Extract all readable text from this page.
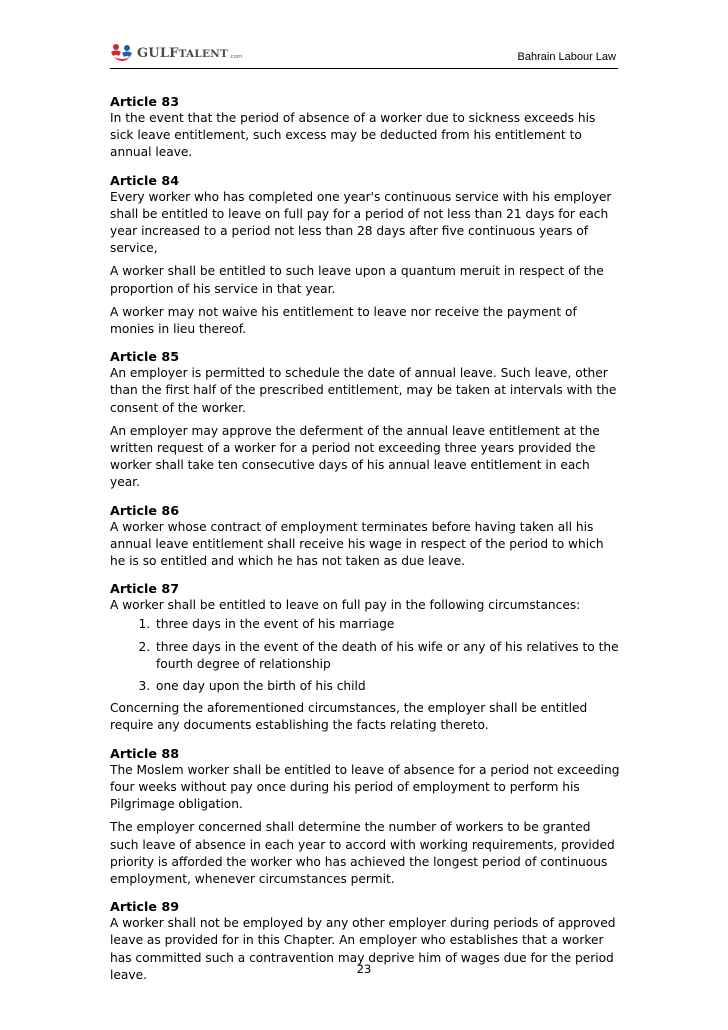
GULFTALENT .com	Bahrain Labour Law
Article 83

In the event that the period of absence of a worker due to sickness exceeds his sick leave entitlement, such excess may be deducted from his entitlement to annual leave.

Article 84

Every worker who has completed one year's continuous service with his employer shall be entitled to leave on full pay for a period of not less than 21 days for each year increased to a period not less than 28 days after five continuous years of service,

A worker shall be entitled to such leave upon a quantum meruit in respect of the proportion of his service in that year.

A worker may not waive his entitlement to leave nor receive the payment of monies in lieu thereof.

Article 85

An employer is permitted to schedule the date of annual leave. Such leave, other than the first half of the prescribed entitlement, may be taken at intervals with the consent of the worker.

An employer may approve the deferment of the annual leave entitlement at the written request of a worker for a period not exceeding three years provided the worker shall take ten consecutive days of his annual leave entitlement in each year.

Article 86

A worker whose contract of employment terminates before having taken all his annual leave entitlement shall receive his wage in respect of the period to which he is so entitled and which he has not taken as due leave.

Article 87

A worker shall be entitled to leave on full pay in the following circumstances:

1. three days in the event of his marriage
2. three days in the event of the death of his wife or any of his relatives to the fourth degree of relationship
3. one day upon the birth of his child

Concerning the aforementioned circumstances, the employer shall be entitled require any documents establishing the facts relating thereto.

Article 88

The Moslem worker shall be entitled to leave of absence for a period not exceeding four weeks without pay once during his period of employment to perform his Pilgrimage obligation.

The employer concerned shall determine the number of workers to be granted such leave of absence in each year to accord with working requirements, provided priority is afforded the worker who has achieved the longest period of continuous employment, whenever circumstances permit.

Article 89

A worker shall not be employed by any other employer during periods of approved leave as provided for in this Chapter. An employer who establishes that a worker has committed such a contravention may deprive him of wages due for the period leave.	23
